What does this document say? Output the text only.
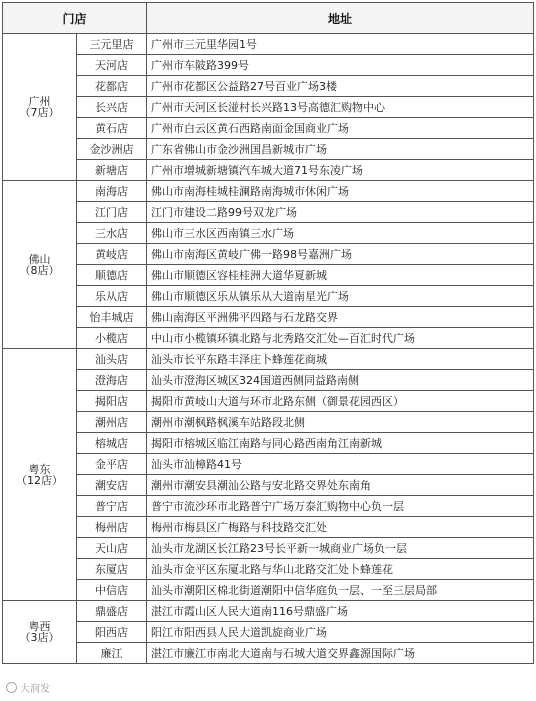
门店		地址

广州
（7店）	三元里店	广州市三元里华园1号
	天河店	广州市车陂路399号
	花都店	广州市花都区公益路27号百业广场3楼
	长兴店	广州市天河区长湴村长兴路13号高德汇购物中心
	黄石店	广州市白云区黄石西路南面金国商业广场
	金沙洲店	广东省佛山市金沙洲国昌新城市广场
	新塘店	广州市增城新塘镇汽车城大道71号东凌广场

佛山
（8店）	南海店	佛山市南海桂城桂澜路南海城市休闲广场
	江门店	江门市建设二路99号双龙广场
	三水店	佛山市三水区西南镇三水广场
	黄岐店	佛山市南海区黄岐广佛一路98号嘉洲广场
	顺德店	佛山市顺德区容桂桂洲大道华夏新城
	乐从店	佛山市顺德区乐从镇乐从大道南星光广场
	怡丰城店	佛山南海区平洲佛平四路与石龙路交界
	小榄店	中山市小榄镇环镇北路与北秀路交汇处—百汇时代广场

粤东
（12店）	汕头店	汕头市长平东路丰泽庄卜蜂莲花商城
	澄海店	汕头市澄海区城区324国道西侧同益路南侧
	揭阳店	揭阳市黄岐山大道与环市北路东侧（御景花园西区）
	潮州店	潮州市潮枫路枫溪车站路段北侧
	榕城店	揭阳市榕城区临江南路与同心路西南角江南新城
	金平店	汕头市汕樟路41号
	潮安店	潮州市潮安县潮汕公路与安北路交界处东南角
	普宁店	普宁市流沙环市北路普宁广场万泰汇购物中心负一层
	梅州店	梅州市梅县区广梅路与科技路交汇处
	天山店	汕头市龙湖区长江路23号长平新一城商业广场负一层
	东厦店	汕头市金平区东厦北路与华山北路交汇处卜蜂莲花
	中信店	汕头市潮阳区棉北街道潮阳中信华庭负一层、一至三层局部

粤西
（3店）	鼎盛店	湛江市霞山区人民大道南116号鼎盛广场
	阳西店	阳江市阳西县人民大道凯旋商业广场
	廉江	湛江市廉江市南北大道南与石城大道交界鑫源国际广场
大润发
